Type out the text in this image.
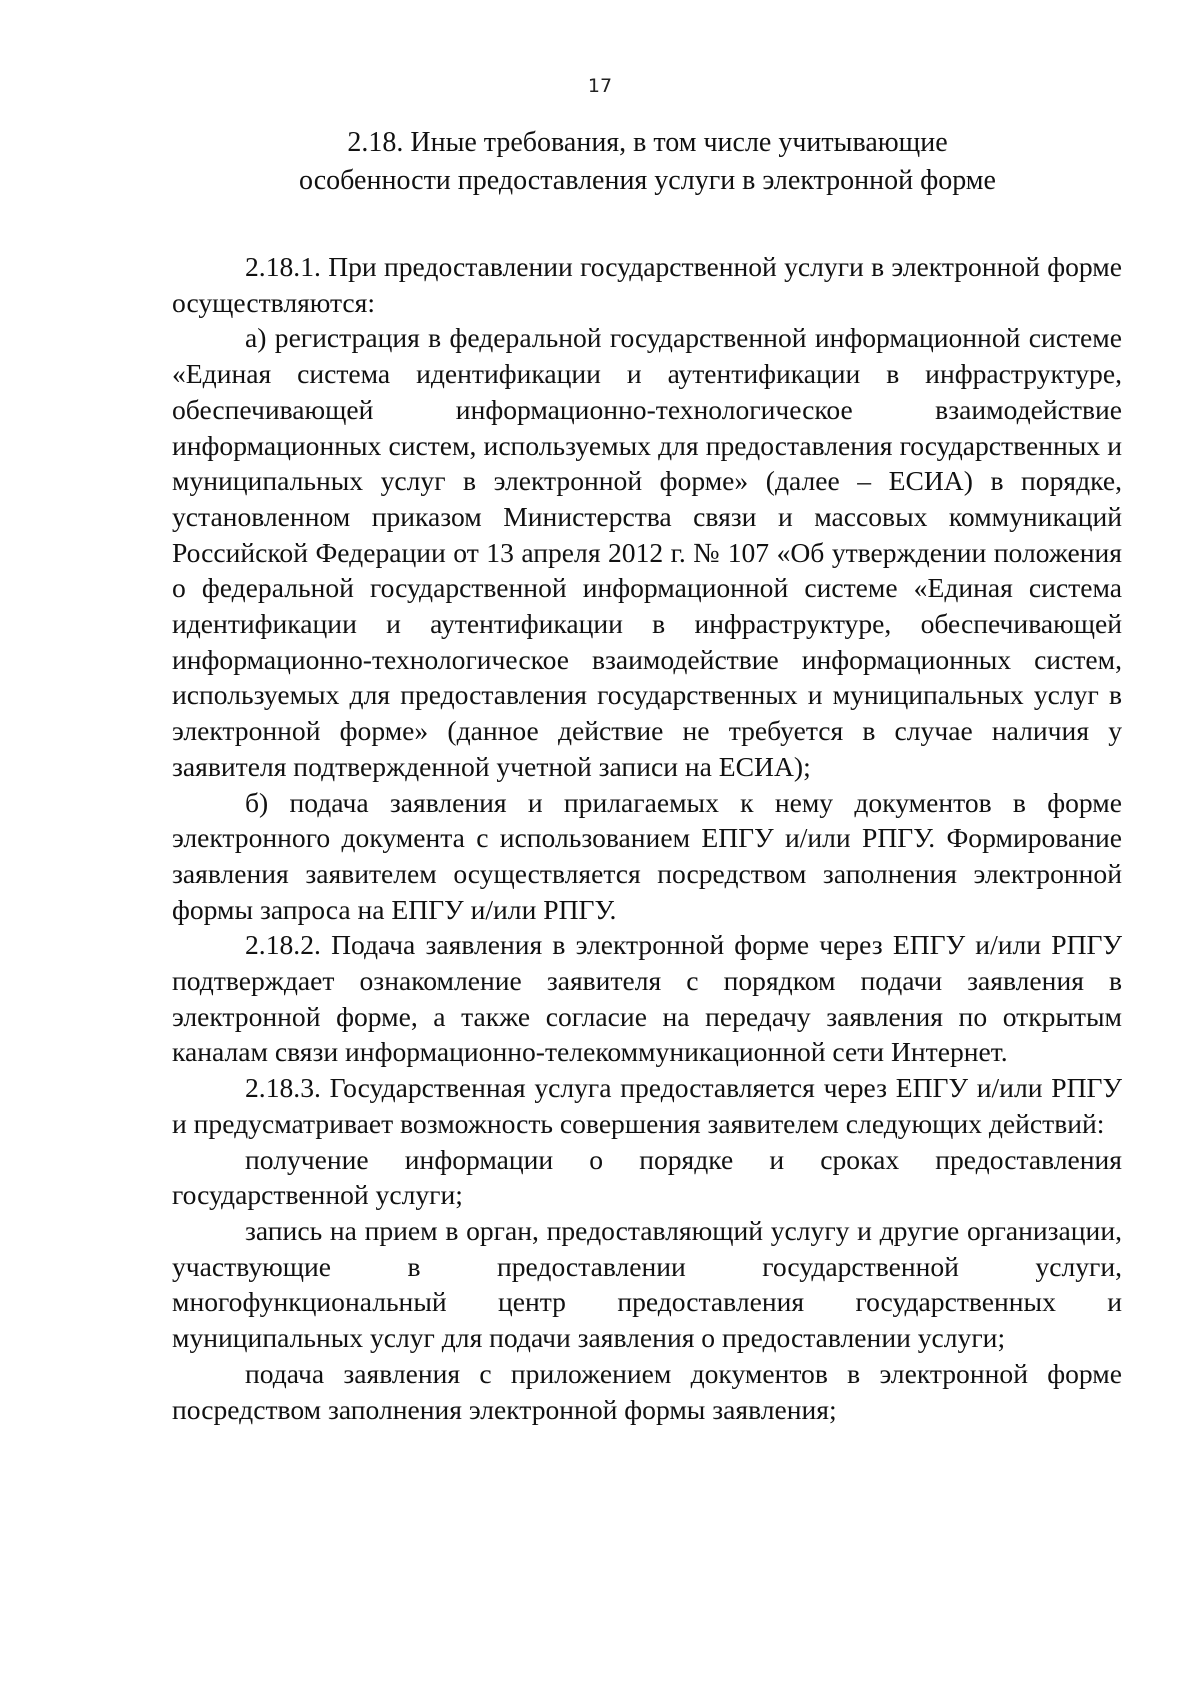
17
2.18. Иные требования, в том числе учитывающие
особенности предоставления услуги в электронной форме

2.18.1. При предоставлении государственной услуги в электронной форме осуществляются:

а) регистрация в федеральной государственной информационной системе «Единая система идентификации и аутентификации в инфраструктуре, обеспечивающей информационно-технологическое взаимодействие информационных систем, используемых для предоставления государственных и муниципальных услуг в электронной форме» (далее – ЕСИА) в порядке, установленном приказом Министерства связи и массовых коммуникаций Российской Федерации от 13 апреля 2012 г. № 107 «Об утверждении положения о федеральной государственной информационной системе «Единая система идентификации и аутентификации в инфраструктуре, обеспечивающей информационно-технологическое взаимодействие информационных систем, используемых для предоставления государственных и муниципальных услуг в электронной форме» (данное действие не требуется в случае наличия у заявителя подтвержденной учетной записи на ЕСИА);

б) подача заявления и прилагаемых к нему документов в форме электронного документа с использованием ЕПГУ и/или РПГУ. Формирование заявления заявителем осуществляется посредством заполнения электронной формы запроса на ЕПГУ и/или РПГУ.

2.18.2. Подача заявления в электронной форме через ЕПГУ и/или РПГУ подтверждает ознакомление заявителя с порядком подачи заявления в электронной форме, а также согласие на передачу заявления по открытым каналам связи информационно-телекоммуникационной сети Интернет.

2.18.3. Государственная услуга предоставляется через ЕПГУ и/или РПГУ и предусматривает возможность совершения заявителем следующих действий:

получение информации о порядке и сроках предоставления государственной услуги;

запись на прием в орган, предоставляющий услугу и другие организации, участвующие в предоставлении государственной услуги, многофункциональный центр предоставления государственных и муниципальных услуг для подачи заявления о предоставлении услуги;

подача заявления с приложением документов в электронной форме посредством заполнения электронной формы заявления;
